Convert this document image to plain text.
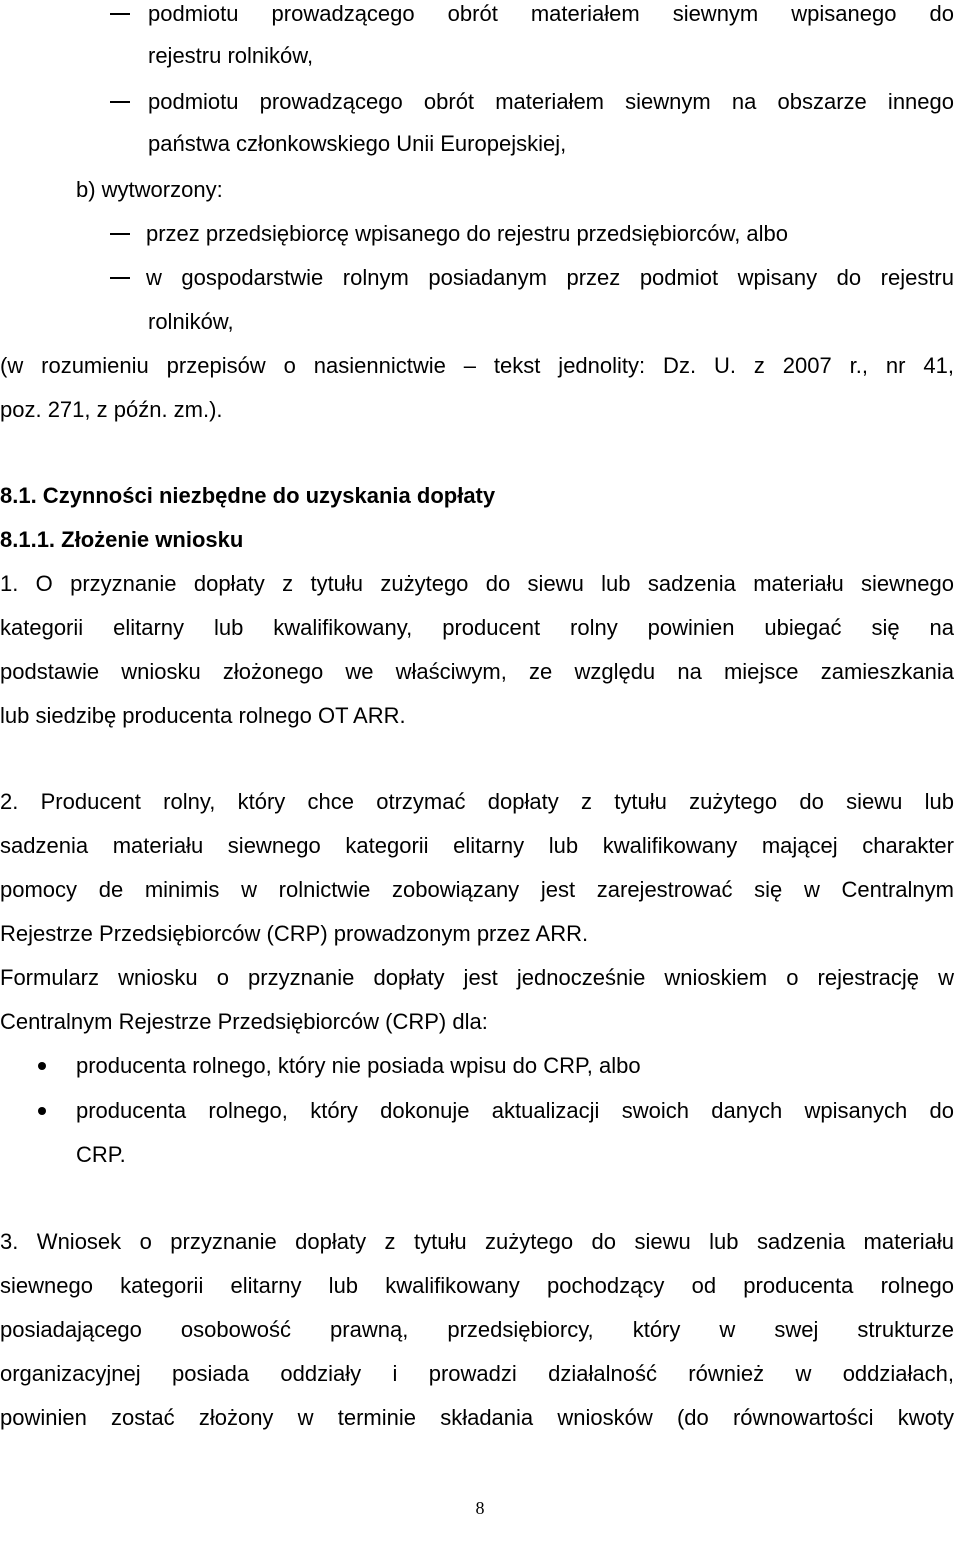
podmiotu prowadzącego obrót materiałem siewnym wpisanego do
rejestru rolników,
podmiotu prowadzącego obrót materiałem siewnym na obszarze innego
państwa członkowskiego Unii Europejskiej,
b) wytworzony:
przez przedsiębiorcę wpisanego do rejestru przedsiębiorców, albo
w gospodarstwie rolnym posiadanym przez podmiot wpisany do rejestru
rolników,
(w rozumieniu przepisów o nasiennictwie – tekst jednolity: Dz. U. z 2007 r., nr 41,
poz. 271, z późn. zm.).
8.1. Czynności niezbędne do uzyskania dopłaty
8.1.1. Złożenie wniosku
1. O przyznanie dopłaty z tytułu zużytego do siewu lub sadzenia materiału siewnego
kategorii elitarny lub kwalifikowany, producent rolny powinien ubiegać się na
podstawie wniosku złożonego we właściwym, ze względu na miejsce zamieszkania
lub siedzibę producenta rolnego OT ARR.
2. Producent rolny, który chce otrzymać dopłaty z tytułu zużytego do siewu lub
sadzenia materiału siewnego kategorii elitarny lub kwalifikowany mającej charakter
pomocy de minimis w rolnictwie zobowiązany jest zarejestrować się w Centralnym
Rejestrze Przedsiębiorców (CRP) prowadzonym przez ARR.
Formularz wniosku o przyznanie dopłaty jest jednocześnie wnioskiem o rejestrację w
Centralnym Rejestrze Przedsiębiorców (CRP) dla:
producenta rolnego, który nie posiada wpisu do CRP, albo
producenta rolnego, który dokonuje aktualizacji swoich danych wpisanych do
CRP.
3. Wniosek o przyznanie dopłaty z tytułu zużytego do siewu lub sadzenia materiału
siewnego kategorii elitarny lub kwalifikowany pochodzący od producenta rolnego
posiadającego osobowość prawną, przedsiębiorcy, który w swej strukturze
organizacyjnej posiada oddziały i prowadzi działalność również w oddziałach,
powinien zostać złożony w terminie składania wniosków (do równowartości kwoty
8
